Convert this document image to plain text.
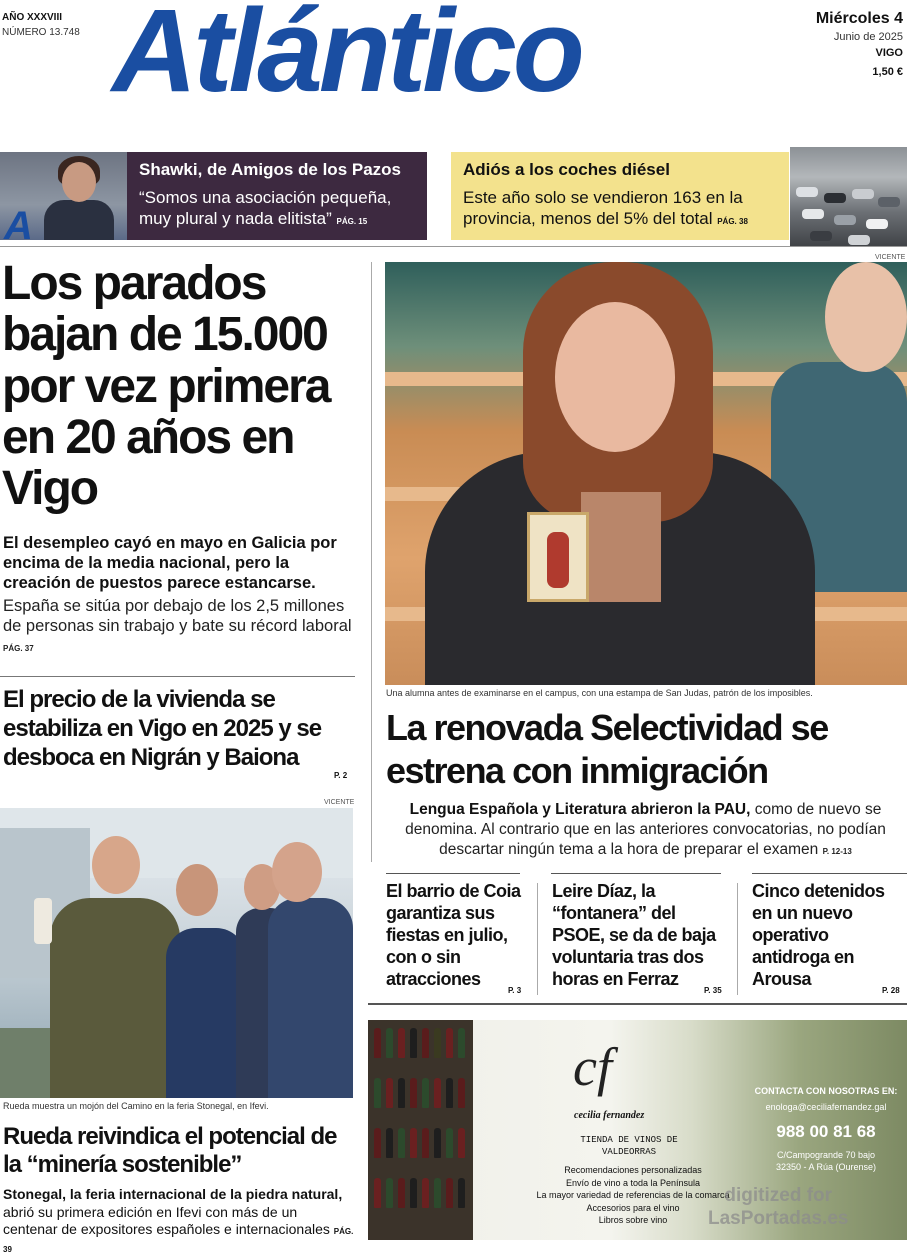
AÑO XXXVIII
NÚMERO 13.748 Atlántico	Miércoles 4
Junio de 2025
VIGO
1,50 €
A
Shawki, de Amigos de los Pazos
“Somos una asociación pequeña, muy plural y nada elitista” PÁG. 15
Adiós a los coches diésel
Este año solo se vendieron 163 en la provincia, menos del 5% del total PÁG. 38
Los parados bajan de 15.000 por vez primera en 20 años en Vigo
El desempleo cayó en mayo en Galicia por encima de la media nacional, pero la creación de puestos parece estancarse.
España se sitúa por debajo de los 2,5 millones de personas sin trabajo y bate su récord laboral PÁG. 37
El precio de la vivienda se estabiliza en Vigo en 2025 y se desboca en Nigrán y Baiona
P. 2
VICENTE
Rueda muestra un mojón del Camino en la feria Stonegal, en Ifevi.
Rueda reivindica el potencial de la “minería sostenible”
Stonegal, la feria internacional de la piedra natural, abrió su primera edición en Ifevi con más de un centenar de expositores españoles e internacionales PÁG. 39
VICENTE
Una alumna antes de examinarse en el campus, con una estampa de San Judas, patrón de los imposibles.
La renovada Selectividad se estrena con inmigración
Lengua Española y Literatura abrieron la PAU, como de nuevo se denomina. Al contrario que en las anteriores convocatorias, no podían descartar ningún tema a la hora de preparar el examen P. 12-13
El barrio de Coia garantiza sus fiestas en julio, con o sin atracciones
Leire Díaz, la “fontanera” del PSOE, se da de baja voluntaria tras dos horas en Ferraz
Cinco detenidos en un nuevo operativo antidroga en Arousa
P. 3	P. 35	P. 28
cf
cecilia fernandez
TIENDA DE VINOS DE VALDEORRAS
Recomendaciones personalizadas
Envío de vino a toda la Península
La mayor variedad de referencias de la comarca
Accesorios para el vino
Libros sobre vino
CONTACTA CON NOSOTRAS EN:
enologa@ceciliafernandez.gal
988 00 81 68
C/Campogrande 70 bajo
32350 - A Rúa (Ourense)
digitized for
LasPortadas.es
